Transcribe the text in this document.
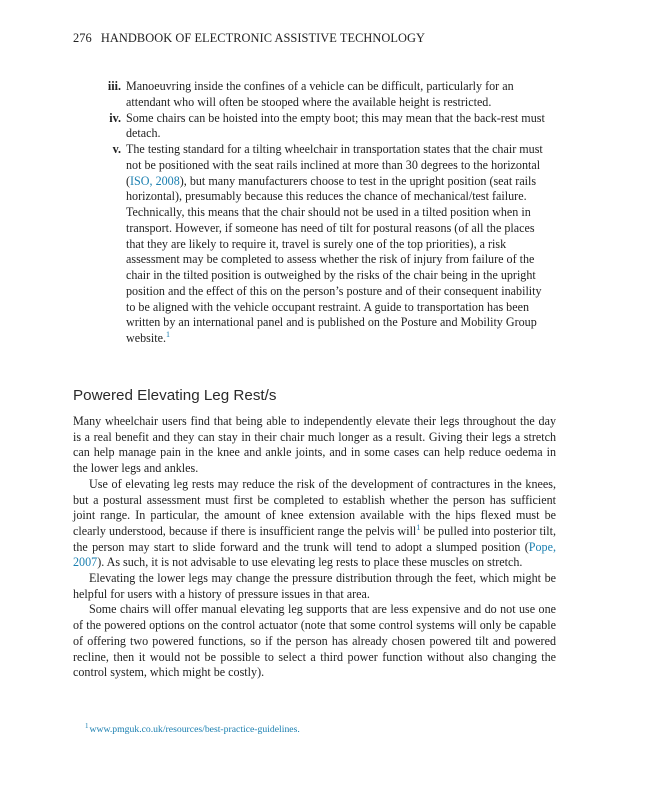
276 HANDBOOK OF ELECTRONIC ASSISTIVE TECHNOLOGY
iii. Manoeuvring inside the confines of a vehicle can be difficult, particularly for an attendant who will often be stooped where the available height is restricted.
iv. Some chairs can be hoisted into the empty boot; this may mean that the back-rest must detach.
v. The testing standard for a tilting wheelchair in transportation states that the chair must not be positioned with the seat rails inclined at more than 30 degrees to the horizontal (ISO, 2008), but many manufacturers choose to test in the upright position (seat rails horizontal), presumably because this reduces the chance of mechanical/test failure. Technically, this means that the chair should not be used in a tilted position when in transport. However, if someone has need of tilt for postural reasons (of all the places that they are likely to require it, travel is surely one of the top priorities), a risk assessment may be completed to assess whether the risk of injury from failure of the chair in the tilted position is outweighed by the risks of the chair being in the upright position and the effect of this on the person’s posture and of their consequent inability to be aligned with the vehicle occupant restraint. A guide to transportation has been written by an international panel and is published on the Posture and Mobility Group website.$^1$
Powered Elevating Leg Rest/s

Many wheelchair users find that being able to independently elevate their legs throughout the day is a real benefit and they can stay in their chair much longer as a result. Giving their legs a stretch can help manage pain in the knee and ankle joints, and in some cases can help reduce oedema in the lower legs and ankles.

Use of elevating leg rests may reduce the risk of the development of contractures in the knees, but a postural assessment must first be completed to establish whether the person has sufficient joint range. In particular, the amount of knee extension available with the hips flexed must be clearly understood, because if there is insufficient range the pelvis will$^1$ be pulled into posterior tilt, the person may start to slide forward and the trunk will tend to adopt a slumped position (Pope, 2007). As such, it is not advisable to use elevating leg rests to place these muscles on stretch.

Elevating the lower legs may change the pressure distribution through the feet, which might be helpful for users with a history of pressure issues in that area.

Some chairs will offer manual elevating leg supports that are less expensive and do not use one of the powered options on the control actuator (note that some control systems will only be capable of offering two powered functions, so if the person has already chosen powered tilt and powered recline, then it would not be possible to select a third power function without also changing the control system, which might be costly).

$^1$www.pmguk.co.uk/resources/best-practice-guidelines.
